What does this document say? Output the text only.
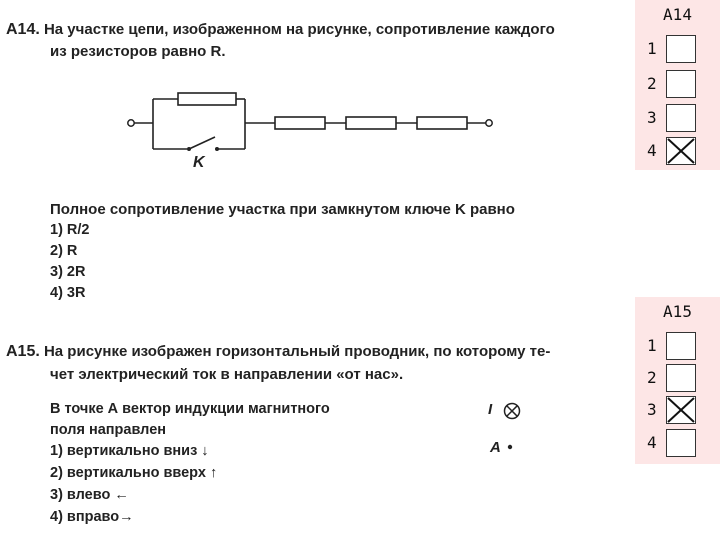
А14. На участке цепи, изображенном на рисунке, сопротивление каждого
из резисторов равно R.
K
Полное сопротивление участка при замкнутом ключе K равно
1) R/2
2) R
3) 2R
4) 3R
А15. На рисунке изображен горизонтальный проводник, по которому те-
чет электрический ток в направлении «от нас».
В точке А вектор индукции магнитного
поля направлен
1) вертикально вниз ↓
2) вертикально вверх ↑
3) влево ←
4) вправо→
I
A
A14
1
2
3
4
A15
1
2
3
4
